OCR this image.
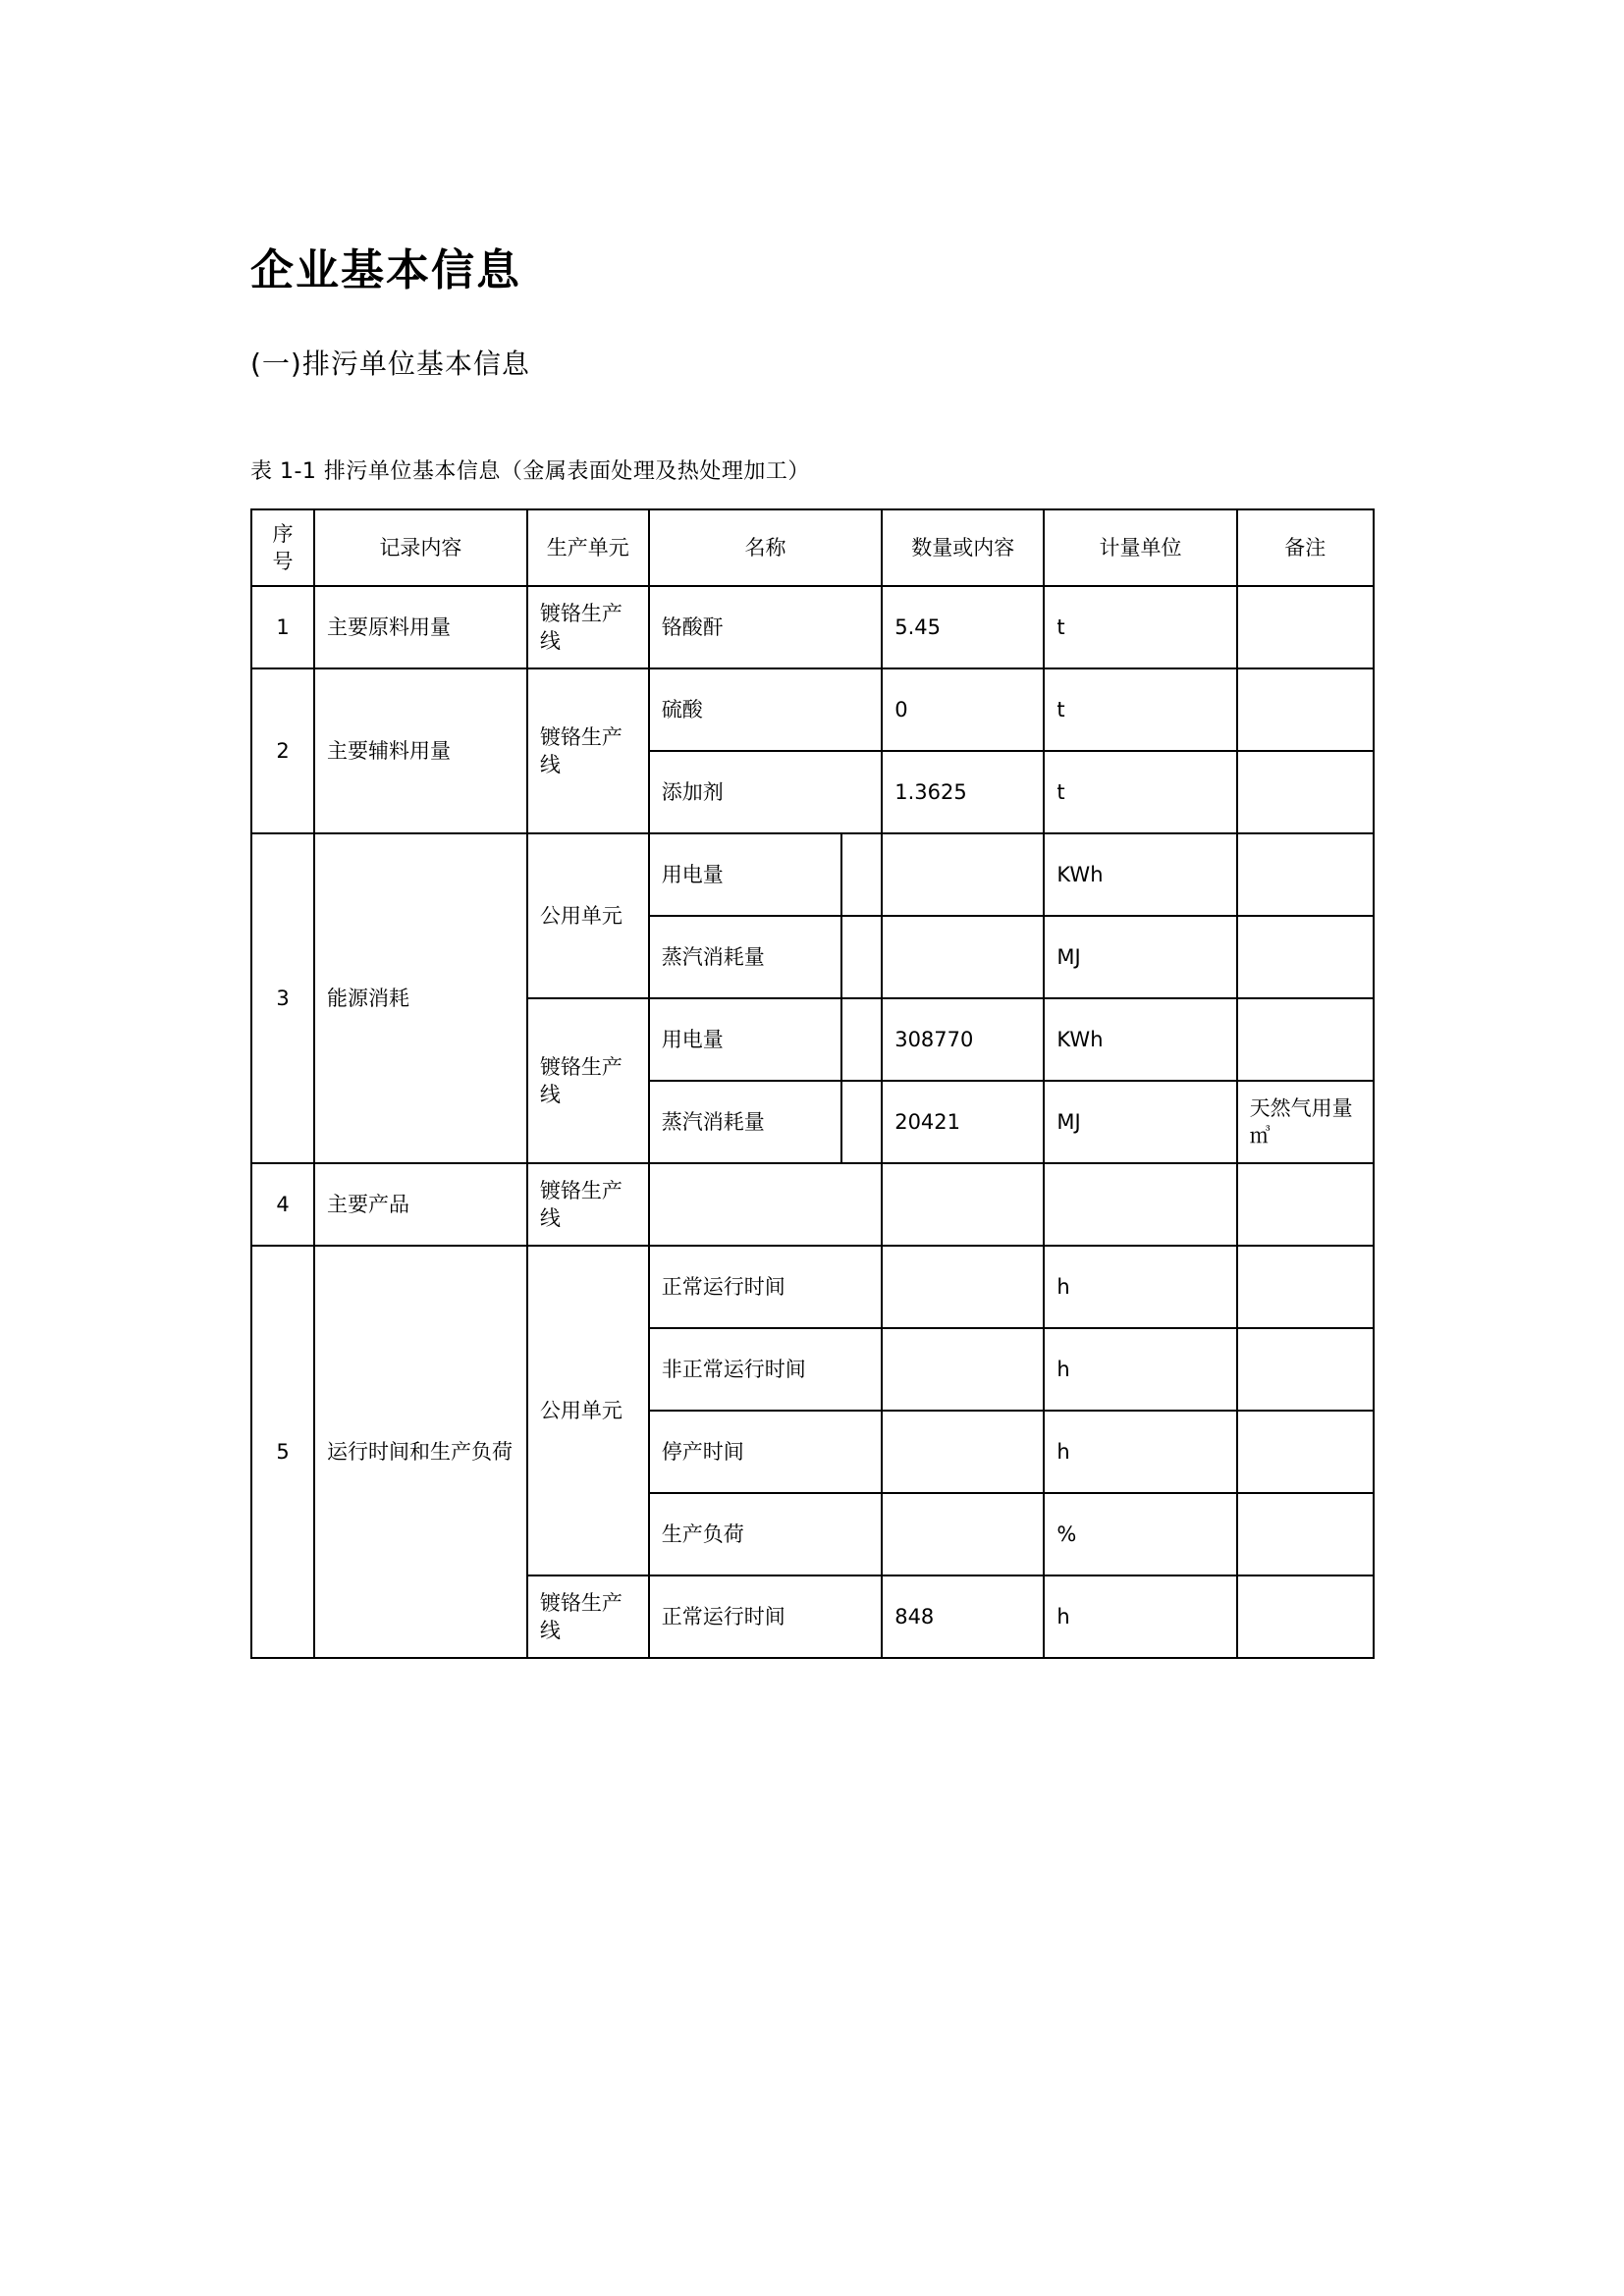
企业基本信息
(一)排污单位基本信息
表 1-1 排污单位基本信息（金属表面处理及热处理加工）
序号	记录内容	生产单元	名称		数量或内容	计量单位	备注
1	主要原料用量	镀铬生产线	铬酸酐		5.45	t	
2	主要辅料用量	镀铬生产线	硫酸		0	t	
			添加剂		1.3625	t	
3	能源消耗	公用单元	用电量			KWh	
			蒸汽消耗量			MJ	
		镀铬生产线	用电量		308770	KWh	
			蒸汽消耗量		20421	MJ	天然气用量 ㎥
4	主要产品	镀铬生产线					
5	运行时间和生产负荷	公用单元	正常运行时间			h	
			非正常运行时间			h	
			停产时间			h	
			生产负荷			%	
		镀铬生产线	正常运行时间		848	h	
